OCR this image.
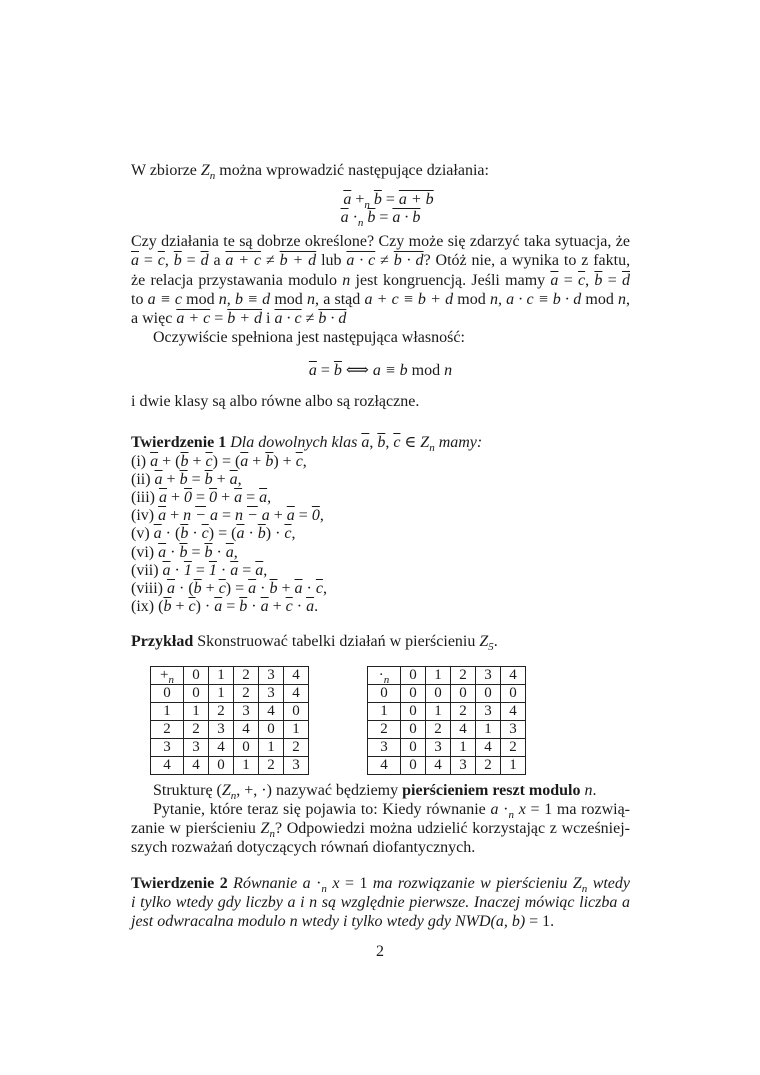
W zbiorze $Z_n$ można wprowadzić następujące działania:
$\overline{a} +_n$ $\overline{b} = a + b$
$\overline{a} \cdot_n$ $\overline{b} = a \cdot b$
Czy działania te są dobrze określone? Czy może się zdarzyć taka sytuacja, że
$\overline{a} = \overline{c}$, $\overline{b} = \overline{d}$ a a + c ≠ b + d lub a · c ≠ b · d? Otóż nie, a wynika to z faktu,
że relacja przystawania modulo n jest kongruencją. Jeśli mamy $\overline{a} = \overline{c}$, $\overline{b} = \overline{d}$
to a ≡ c mod n, b ≡ d mod n, a stąd a + c ≡ b + d mod n, a · c ≡ b · d mod n,
a więc a + c = b + d i a · c ≠ b · d
Oczywiście spełniona jest następująca własność:
$\overline{a} = \overline{b}$ ⟺ a ≡ b mod n
i dwie klasy są albo równe albo są rozłączne.
Twierdzenie 1 Dla dowolnych klas $\overline{a}$, $\overline{b}$, $\overline{c}$ ∈ $Z_n$ mamy:
(i) $\overline{a} + (\overline{b} + \overline{c}) = (\overline{a} + \overline{b}) + \overline{c}$,
(ii) $\overline{a} + \overline{b} = \overline{b} + \overline{a}$,
(iii) $\overline{a} + 0 = 0 + \overline{a} = \overline{a}$,
(iv) $\overline{a} + n - a = n - a + \overline{a} = 0$,
(v) $\overline{a} \cdot (\overline{b} \cdot \overline{c}) = (\overline{a} \cdot \overline{b}) \cdot \overline{c}$,
(vi) $\overline{a} \cdot \overline{b} = \overline{b} \cdot \overline{a}$,
(vii) $\overline{a} \cdot 1 = 1 \cdot \overline{a} = \overline{a}$,
(viii) $\overline{a} \cdot (\overline{b} + \overline{c}) = \overline{a} \cdot \overline{b} + \overline{a} \cdot \overline{c}$,
(ix) $(\overline{b} + \overline{c}) \cdot \overline{a} = \overline{b} \cdot \overline{a} + \overline{c} \cdot \overline{a}$.
Przykład Skonstruować tabelki działań w pierścieniu $Z_5$.
$+_n$	0	1	2	3	4
0	0	1	2	3	4
1	1	2	3	4	0
2	2	3	4	0	1
3	3	4	0	1	2
4	4	0	1	2	3
$\cdot_n$	0	1	2	3	4
0	0	0	0	0	0
1	0	1	2	3	4
2	0	2	4	1	3
3	0	3	1	4	2
4	0	4	3	2	1
Strukturę ($Z_n$, +, ·) nazywać będziemy pierścieniem reszt modulo n.
Pytanie, które teraz się pojawia to: Kiedy równanie $a \cdot_n$ x = 1 ma rozwią-
zanie w pierścieniu $Z_n$? Odpowiedzi można udzielić korzystając z wcześniej-
szych rozważań dotyczących równań diofantycznych.
Twierdzenie 2 Równanie $a \cdot_n$ x = 1 ma rozwiązanie w pierścieniu $Z_n$ wtedy
i tylko wtedy gdy liczby a i n są względnie pierwsze. Inaczej mówiąc liczba a
jest odwracalna modulo n wtedy i tylko wtedy gdy NWD(a, b) = 1.
2
